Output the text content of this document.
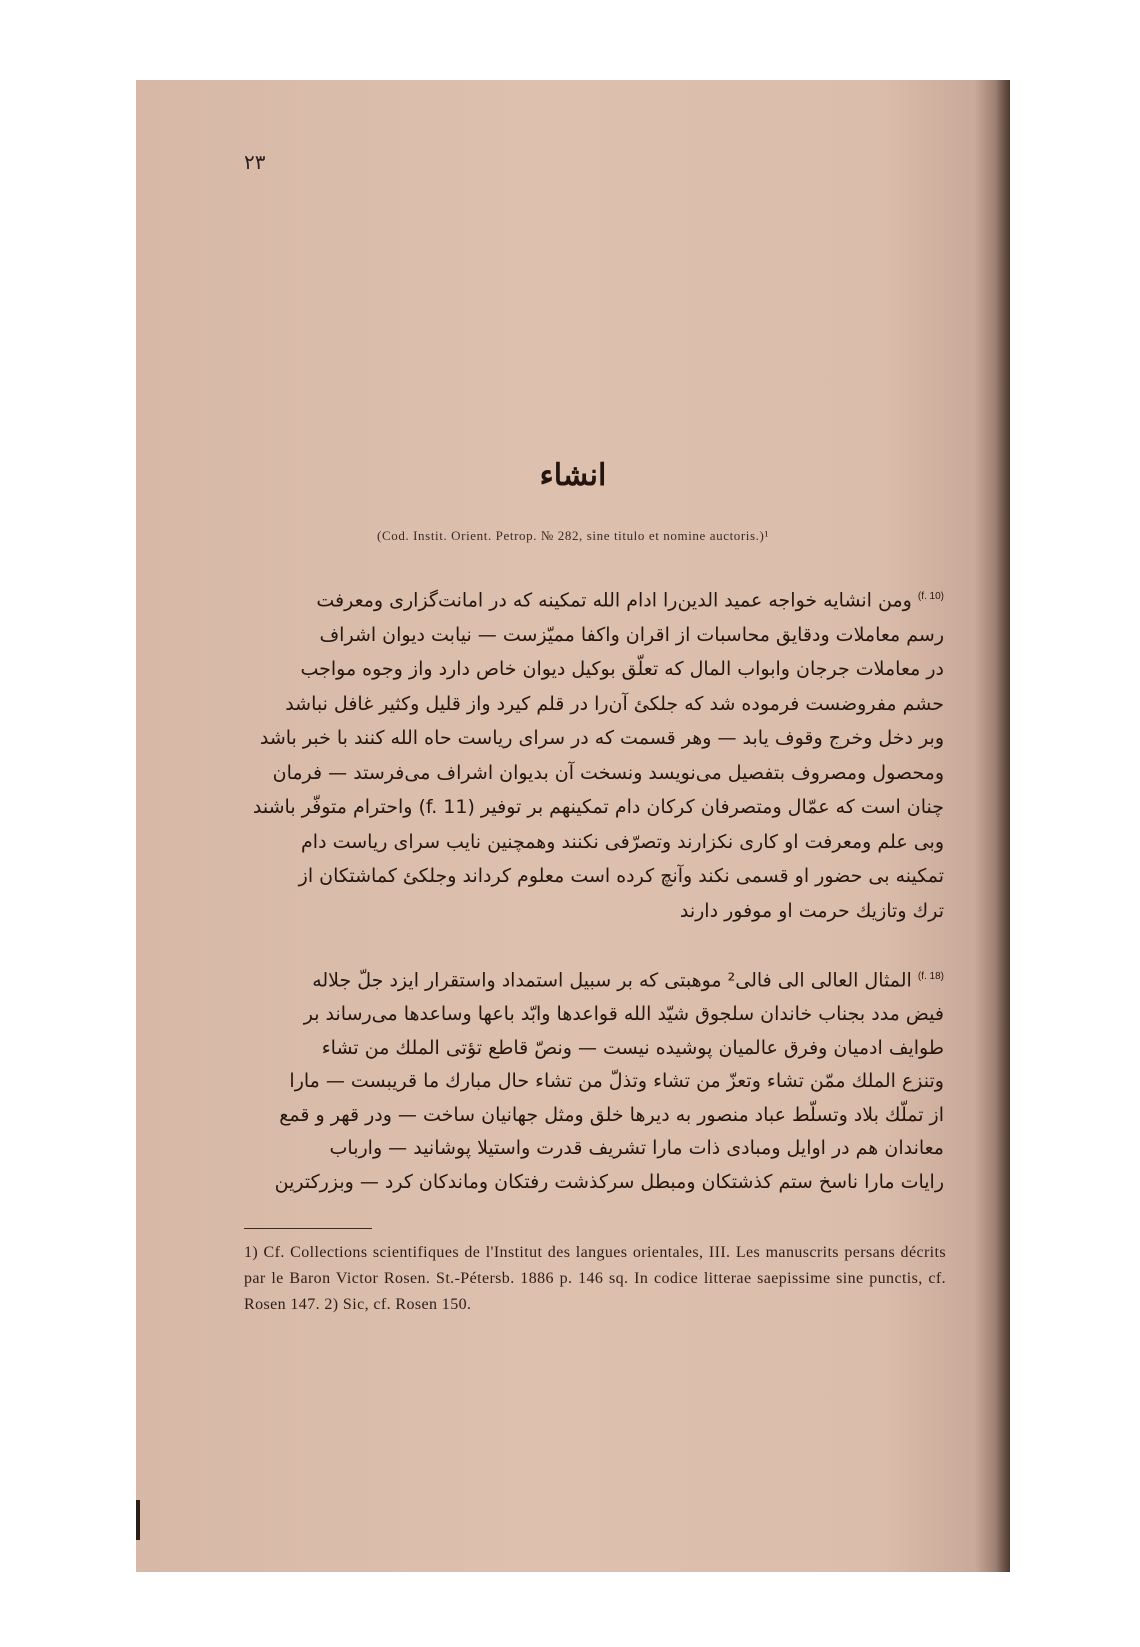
۲۳
انشاء
(Cod. Instit. Orient. Petrop. № 282, sine titulo et nomine auctoris.)¹
$^{(f. 10)}$ ومن انشايه خواجه عميد الدين‌را ادام الله تمكينه كه در امانت‌گزاری ومعرفت
رسم معاملات ودقايق محاسبات از اقران واكفا ممیّزست — نيابت ديوان اشراف
در معاملات جرجان وابواب المال كه تعلّق بوكيل ديوان خاص دارد واز وجوه مواجب
حشم مفروضست فرموده شد كه جلكئ آن‌را در قلم كيرد واز قليل وكثير غافل نباشد
وبر دخل وخرج وقوف يابد — وهر قسمت كه در سرای رياست حاه الله كنند با خبر باشد
ومحصول ومصروف بتفصيل می‌نويسد ونسخت آن بديوان اشراف می‌فرستد — فرمان
چنان است كه عمّال ومتصرفان كركان دام تمكينهم بر توفير (f. 11) واحترام متوفّر باشند
وبی علم ومعرفت او كاری نكزارند وتصرّفی نكنند وهمچنين نايب سرای رياست دام
تمكينه بی حضور او قسمی نكند وآنچ كرده است معلوم كرداند وجلكئ كماشتكان از
ترك وتازيك حرمت او موفور دارند
$^{(f. 18)}$ المثال العالی الی فالی² موهبتی كه بر سبيل استمداد واستقرار ايزد جلّ جلاله
فيض مدد بجناب خاندان سلجوق شيّد الله قواعدها وابّد باعها وساعدها می‌رساند بر
طوايف ادميان وفرق عالميان پوشيده نيست — ونصّ قاطع تؤتی الملك من تشاء
وتنزع الملك ممّن تشاء وتعزّ من تشاء وتذلّ من تشاء حال مبارك ما قريبست — مارا
از تملّك بلاد وتسلّط عباد منصور به ديرها خلق ومثل جهانيان ساخت — ودر قهر و قمع
معاندان هم در اوايل ومبادی ذات مارا تشريف قدرت واستيلا پوشانيد — وارباب
رايات مارا ناسخ ستم كذشتكان ومبطل سركذشت رفتكان وماندكان كرد — وبزركترين
1) Cf. Collections scientifiques de l'Institut des langues orientales, III. Les manuscrits persans décrits par le Baron Victor Rosen. St.-Pétersb. 1886 p. 146 sq. In codice litterae saepissime sine punctis, cf. Rosen 147. 2) Sic, cf. Rosen 150.
